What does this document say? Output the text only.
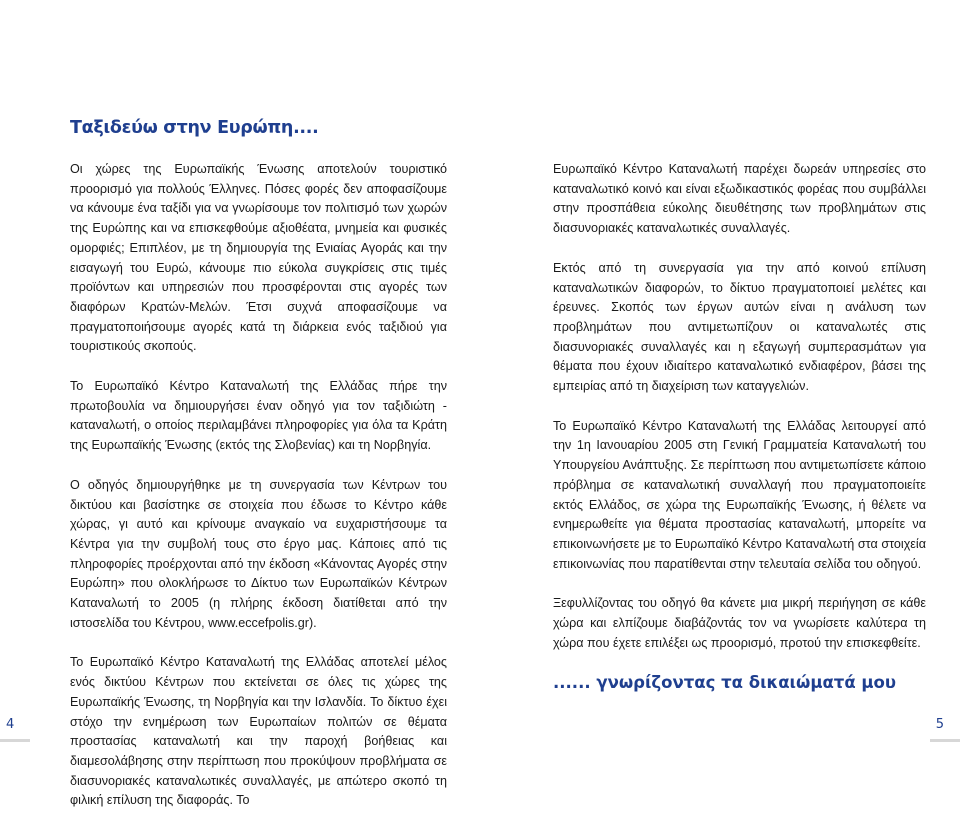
Ταξιδεύω στην Ευρώπη....

Οι χώρες της Ευρωπαϊκής Ένωσης αποτελούν τουριστικό προορισμό για πολλούς Έλληνες. Πόσες φορές δεν αποφασίζουμε να κάνουμε ένα ταξίδι για να γνωρίσουμε τον πολιτισμό των χωρών της Ευρώπης και να επισκεφθούμε αξιοθέατα, μνημεία και φυσικές ομορφιές; Επιπλέον, με τη δημιουργία της Ενιαίας Αγοράς και την εισαγωγή του Ευρώ, κάνουμε πιο εύκολα συγκρίσεις στις τιμές προϊόντων και υπηρεσιών που προσφέρονται στις αγορές των διαφόρων Κρατών-Μελών. Έτσι συχνά αποφασίζουμε να πραγματοποιήσουμε αγορές κατά τη διάρκεια ενός ταξιδιού για τουριστικούς σκοπούς.

Το Ευρωπαϊκό Κέντρο Καταναλωτή της Ελλάδας πήρε την πρωτοβουλία να δημιουργήσει έναν οδηγό για τον ταξιδιώτη - καταναλωτή, ο οποίος περιλαμβάνει πληροφορίες για όλα τα Κράτη της Ευρωπαϊκής Ένωσης (εκτός της Σλοβενίας) και τη Νορβηγία.

Ο οδηγός δημιουργήθηκε με τη συνεργασία των Κέντρων του δικτύου και βασίστηκε σε στοιχεία που έδωσε το Κέντρο κάθε χώρας, γι αυτό και κρίνουμε αναγκαίο να ευχαριστήσουμε τα Κέντρα για την συμβολή τους στο έργο μας. Κάποιες από τις πληροφορίες προέρχονται από την έκδοση «Κάνοντας Αγορές στην Ευρώπη» που ολοκλήρωσε το Δίκτυο των Ευρωπαϊκών Κέντρων Καταναλωτή το 2005 (η πλήρης έκδοση διατίθεται από την ιστοσελίδα του Κέντρου, www.eccefpolis.gr).

Το Ευρωπαϊκό Κέντρο Καταναλωτή της Ελλάδας αποτελεί μέλος ενός δικτύου Κέντρων που εκτείνεται σε όλες τις χώρες της Ευρωπαϊκής Ένωσης, τη Νορβηγία και την Ισλανδία. Το δίκτυο έχει στόχο την ενημέρωση των Ευρωπαίων πολιτών σε θέματα προστασίας καταναλωτή και την παροχή βοήθειας και διαμεσολάβησης στην περίπτωση που προκύψουν προβλήματα σε διασυνοριακές καταναλωτικές συναλλαγές, με απώτερο σκοπό τη φιλική επίλυση της διαφοράς. Το

Ευρωπαϊκό Κέντρο Καταναλωτή παρέχει δωρεάν υπηρεσίες στο καταναλωτικό κοινό και είναι εξωδικαστικός φορέας που συμβάλλει στην προσπάθεια εύκολης διευθέτησης των προβλημάτων στις διασυνοριακές καταναλωτικές συναλλαγές.

Εκτός από τη συνεργασία για την από κοινού επίλυση καταναλωτικών διαφορών, το δίκτυο πραγματοποιεί μελέτες και έρευνες. Σκοπός των έργων αυτών είναι η ανάλυση των προβλημάτων που αντιμετωπίζουν οι καταναλωτές στις διασυνοριακές συναλλαγές και η εξαγωγή συμπερασμάτων για θέματα που έχουν ιδιαίτερο καταναλωτικό ενδιαφέρον, βάσει της εμπειρίας από τη διαχείριση των καταγγελιών.

Το Ευρωπαϊκό Κέντρο Καταναλωτή της Ελλάδας λειτουργεί από την 1η Ιανουαρίου 2005 στη Γενική Γραμματεία Καταναλωτή του Υπουργείου Ανάπτυξης. Σε περίπτωση που αντιμετωπίσετε κάποιο πρόβλημα σε καταναλωτική συναλλαγή που πραγματοποιείτε εκτός Ελλάδος, σε χώρα της Ευρωπαϊκής Ένωσης, ή θέλετε να ενημερωθείτε για θέματα προστασίας καταναλωτή, μπορείτε να επικοινωνήσετε με το Ευρωπαϊκό Κέντρο Καταναλωτή στα στοιχεία επικοινωνίας που παρατίθενται στην τελευταία σελίδα του οδηγού.

Ξεφυλλίζοντας του οδηγό θα κάνετε μια μικρή περιήγηση σε κάθε χώρα και ελπίζουμε διαβάζοντάς τον να γνωρίσετε καλύτερα τη χώρα που έχετε επιλέξει ως προορισμό, προτού την επισκεφθείτε.

...... γνωρίζοντας τα δικαιώματά μου
4	5
